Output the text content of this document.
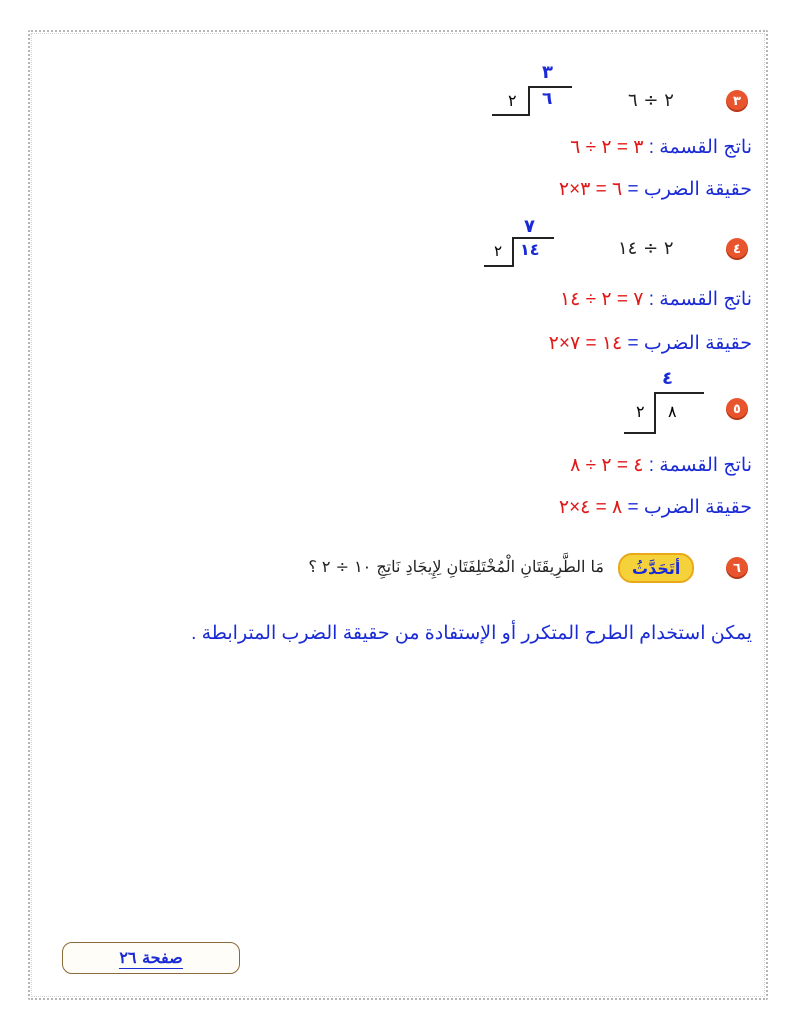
٣
٢ ÷ ٦
٣
٦
٢
ناتج القسمة : ٣ = ٢ ÷ ٦
حقيقة الضرب = ٦ = ٣×٢
٤
٢ ÷ ١٤
٧
١٤
٢
ناتج القسمة : ٧ = ٢ ÷ ١٤
حقيقة الضرب = ١٤ = ٧×٢
٥
٤
٨
٢
ناتج القسمة : ٤ = ٢ ÷ ٨
حقيقة الضرب = ٨ = ٤×٢
٦
أتَحَدَّثُ
مَا الطَّرِيقَتَانِ الْمُخْتَلِفَتَانِ لِإِيجَادِ نَاتِجِ ١٠ ÷ ٢ ؟
يمكن استخدام الطرح المتكرر أو الإستفادة من حقيقة الضرب المترابطة .
صفحة ٢٦
